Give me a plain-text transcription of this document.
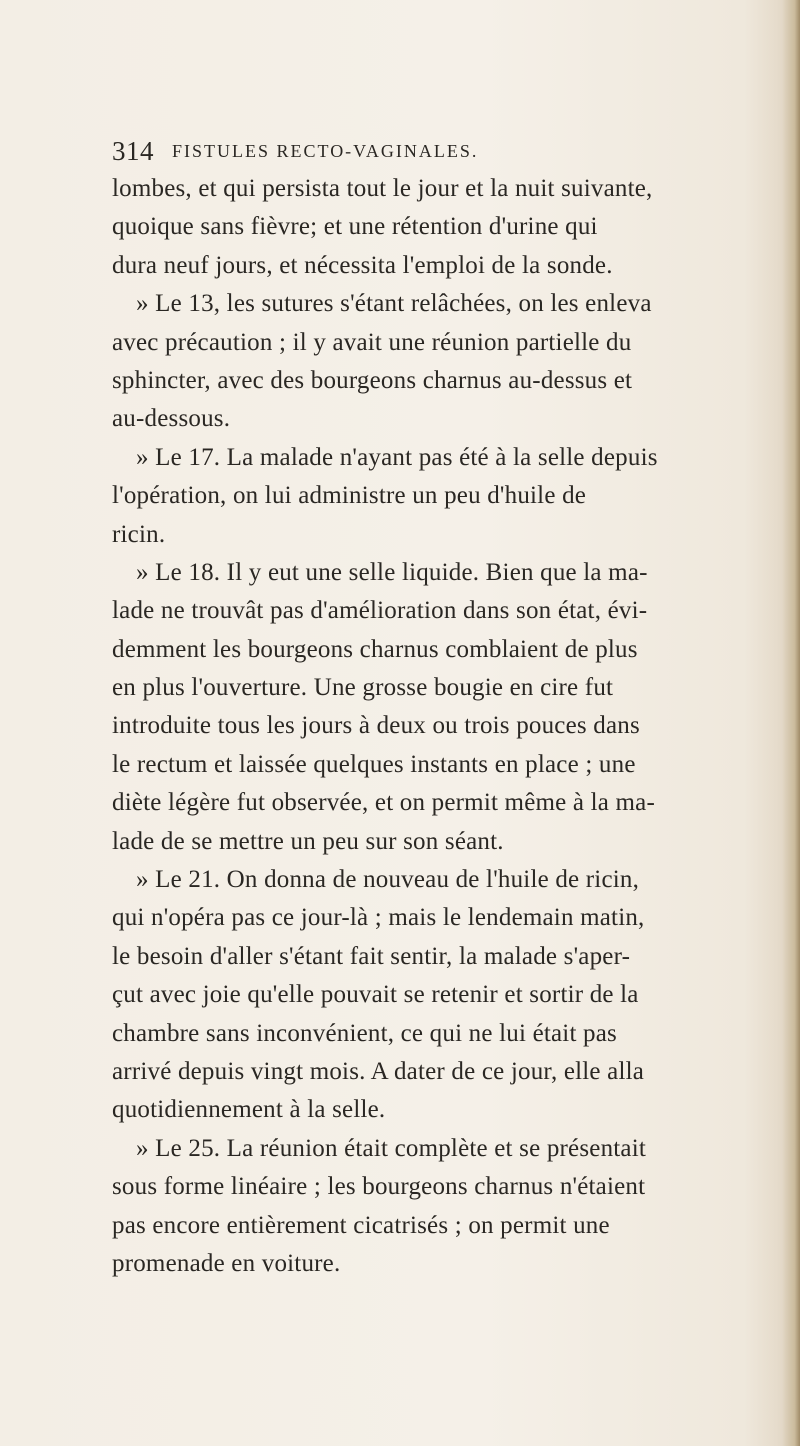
314 FISTULES RECTO-VAGINALES.
lombes, et qui persista tout le jour et la nuit suivante,
quoique sans fièvre; et une rétention d'urine qui
dura neuf jours, et nécessita l'emploi de la sonde.
» Le 13, les sutures s'étant relâchées, on les enleva
avec précaution ; il y avait une réunion partielle du
sphincter, avec des bourgeons charnus au-dessus et
au-dessous.
» Le 17. La malade n'ayant pas été à la selle depuis
l'opération, on lui administre un peu d'huile de
ricin.
» Le 18. Il y eut une selle liquide. Bien que la ma-
lade ne trouvât pas d'amélioration dans son état, évi-
demment les bourgeons charnus comblaient de plus
en plus l'ouverture. Une grosse bougie en cire fut
introduite tous les jours à deux ou trois pouces dans
le rectum et laissée quelques instants en place ; une
diète légère fut observée, et on permit même à la ma-
lade de se mettre un peu sur son séant.
» Le 21. On donna de nouveau de l'huile de ricin,
qui n'opéra pas ce jour-là ; mais le lendemain matin,
le besoin d'aller s'étant fait sentir, la malade s'aper-
çut avec joie qu'elle pouvait se retenir et sortir de la
chambre sans inconvénient, ce qui ne lui était pas
arrivé depuis vingt mois. A dater de ce jour, elle alla
quotidiennement à la selle.
» Le 25. La réunion était complète et se présentait
sous forme linéaire ; les bourgeons charnus n'étaient
pas encore entièrement cicatrisés ; on permit une
promenade en voiture.
